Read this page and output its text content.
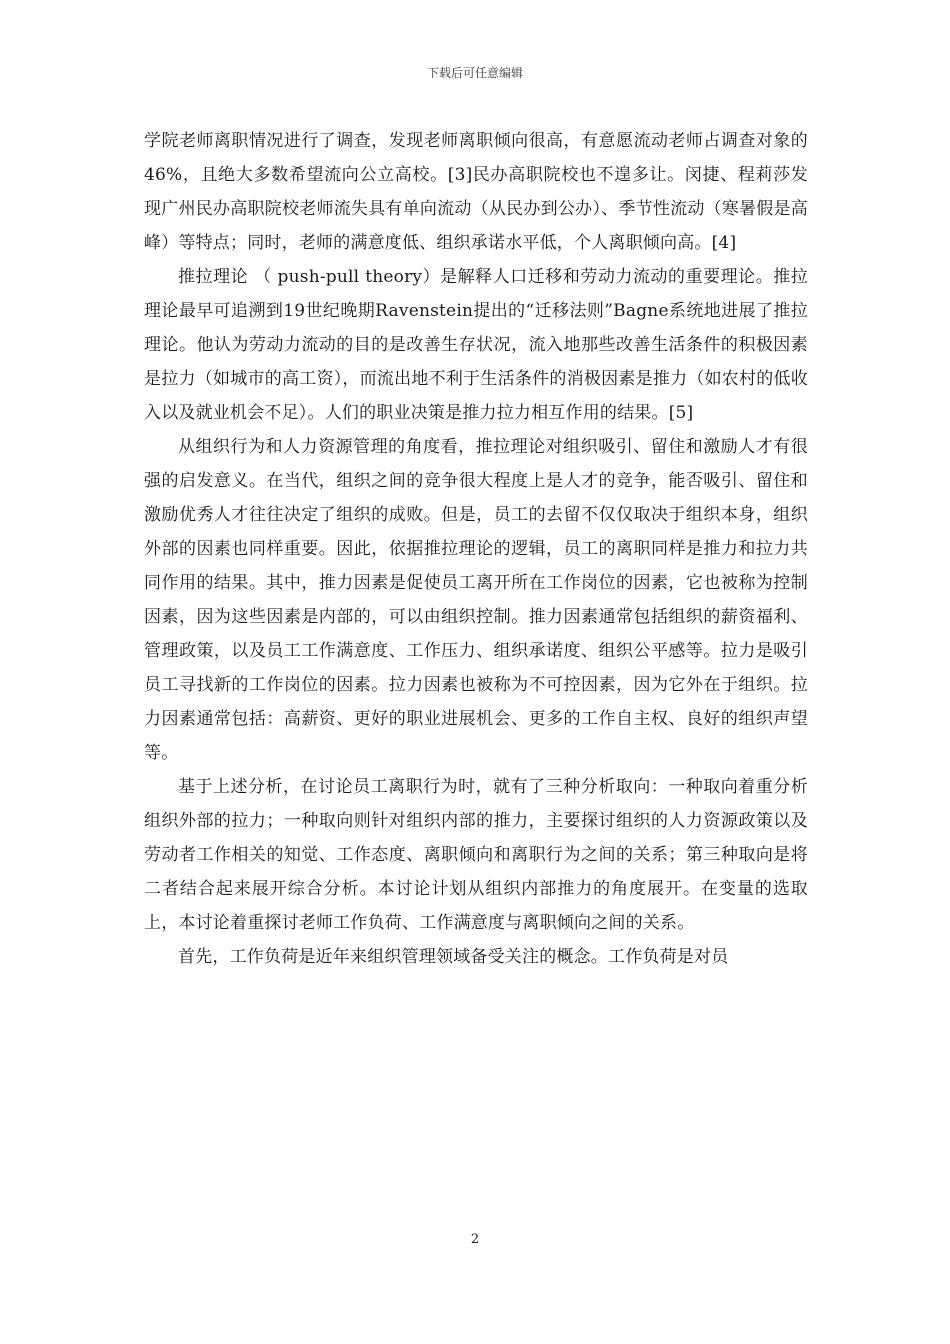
下载后可任意编辑

学院老师离职情况进行了调查，发现老师离职倾向很高，有意愿流动老师占调查对象的46%，且绝大多数希望流向公立高校。[3]民办高职院校也不遑多让。闵捷、程莉莎发现广州民办高职院校老师流失具有单向流动（从民办到公办）、季节性流动（寒暑假是高峰）等特点；同时，老师的满意度低、组织承诺水平低，个人离职倾向高。[4]

推拉理论 （ push-pull theory）是解释人口迁移和劳动力流动的重要理论。推拉理论最早可追溯到19世纪晚期Ravenstein提出的“迁移法则”Bagne系统地进展了推拉理论。他认为劳动力流动的目的是改善生存状况，流入地那些改善生活条件的积极因素是拉力（如城市的高工资），而流出地不利于生活条件的消极因素是推力（如农村的低收入以及就业机会不足）。人们的职业决策是推力拉力相互作用的结果。[5]

从组织行为和人力资源管理的角度看，推拉理论对组织吸引、留住和激励人才有很强的启发意义。在当代，组织之间的竞争很大程度上是人才的竞争，能否吸引、留住和激励优秀人才往往决定了组织的成败。但是，员工的去留不仅仅取决于组织本身，组织外部的因素也同样重要。因此，依据推拉理论的逻辑，员工的离职同样是推力和拉力共同作用的结果。其中，推力因素是促使员工离开所在工作岗位的因素，它也被称为控制因素，因为这些因素是内部的，可以由组织控制。推力因素通常包括组织的薪资福利、管理政策，以及员工工作满意度、工作压力、组织承诺度、组织公平感等。拉力是吸引员工寻找新的工作岗位的因素。拉力因素也被称为不可控因素，因为它外在于组织。拉力因素通常包括：高薪资、更好的职业进展机会、更多的工作自主权、良好的组织声望等。

基于上述分析，在讨论员工离职行为时，就有了三种分析取向：一种取向着重分析组织外部的拉力；一种取向则针对组织内部的推力，主要探讨组织的人力资源政策以及劳动者工作相关的知觉、工作态度、离职倾向和离职行为之间的关系；第三种取向是将二者结合起来展开综合分析。本讨论计划从组织内部推力的角度展开。在变量的选取上，本讨论着重探讨老师工作负荷、工作满意度与离职倾向之间的关系。

首先，工作负荷是近年来组织管理领域备受关注的概念。工作负荷是对员

2
